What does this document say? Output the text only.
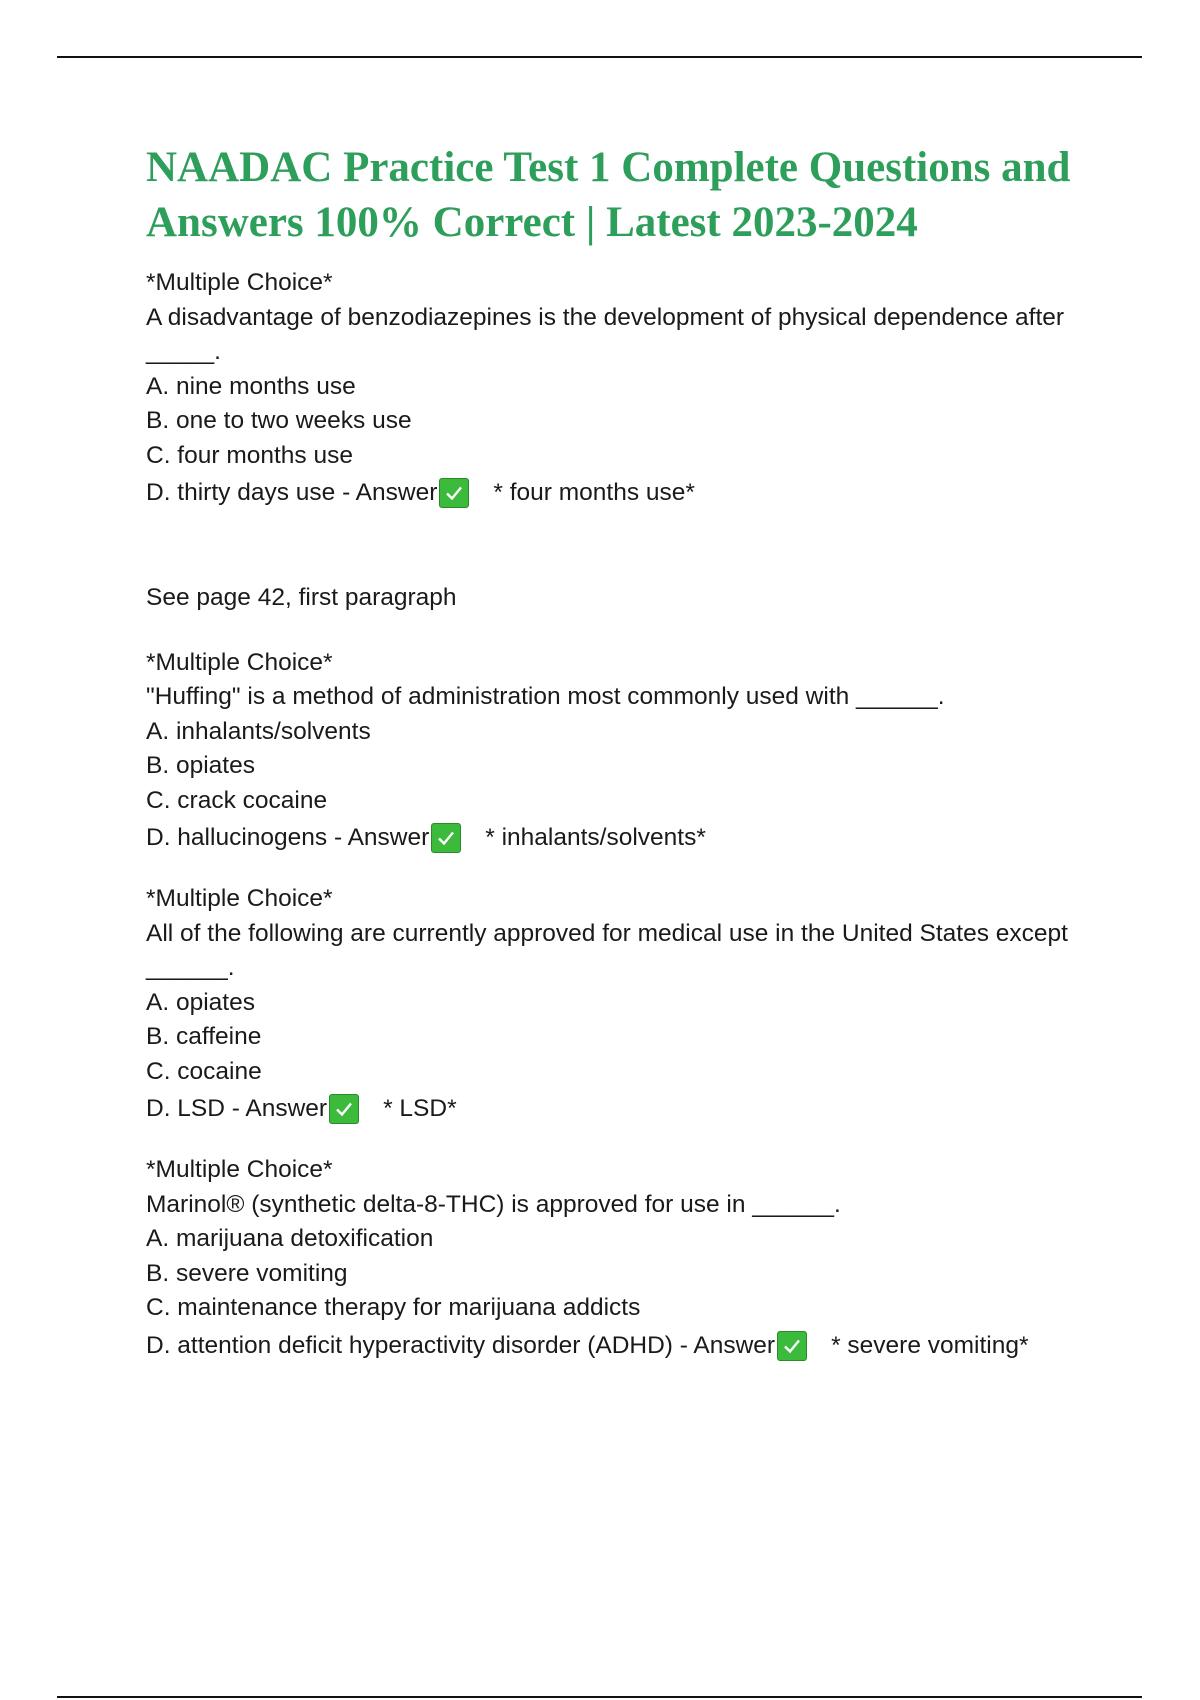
NAADAC Practice Test 1 Complete Questions and Answers 100% Correct | Latest 2023-2024

*Multiple Choice*

A disadvantage of benzodiazepines is the development of physical dependence after _____.

A. nine months use

B. one to two weeks use

C. four months use

D. thirty days use - Answer * four months use*

See page 42, first paragraph

*Multiple Choice*

"Huffing" is a method of administration most commonly used with ______.

A. inhalants/solvents

B. opiates

C. crack cocaine

D. hallucinogens - Answer * inhalants/solvents*

*Multiple Choice*

All of the following are currently approved for medical use in the United States except ______.

A. opiates

B. caffeine

C. cocaine

D. LSD - Answer * LSD*

*Multiple Choice*

Marinol® (synthetic delta-8-THC) is approved for use in ______.

A. marijuana detoxification

B. severe vomiting

C. maintenance therapy for marijuana addicts

D. attention deficit hyperactivity disorder (ADHD) - Answer * severe vomiting*
